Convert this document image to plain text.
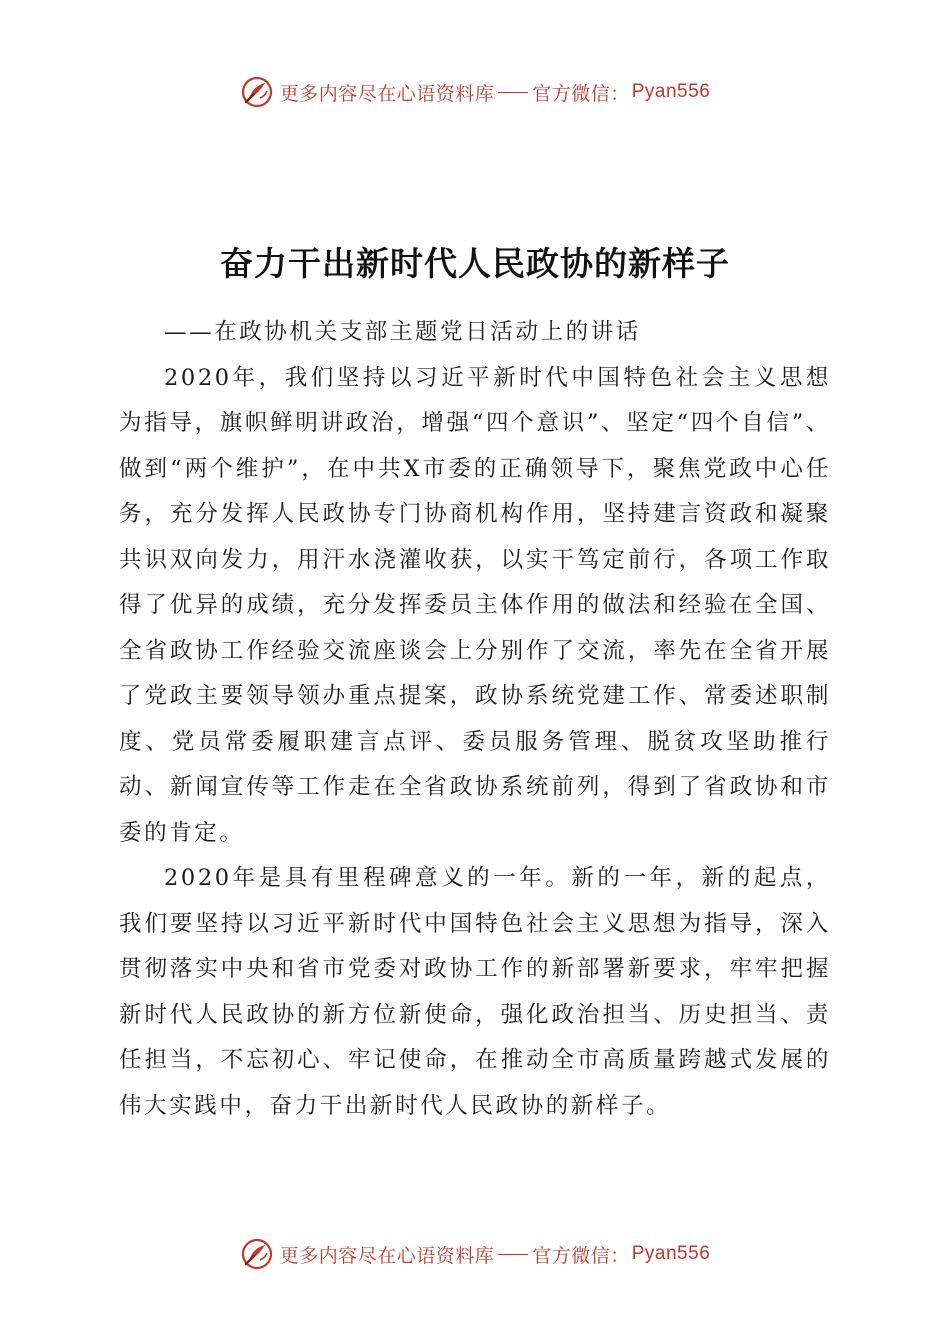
更多内容尽在心语资料库 官方微信： Pyan556
奋力干出新时代人民政协的新样子

——在政协机关支部主题党日活动上的讲话

2020年，我们坚持以习近平新时代中国特色社会主义思想为指导，旗帜鲜明讲政治，增强“四个意识”、坚定“四个自信”、做到“两个维护”，在中共X市委的正确领导下，聚焦党政中心任务，充分发挥人民政协专门协商机构作用，坚持建言资政和凝聚共识双向发力，用汗水浇灌收获，以实干笃定前行，各项工作取得了优异的成绩，充分发挥委员主体作用的做法和经验在全国、全省政协工作经验交流座谈会上分别作了交流，率先在全省开展了党政主要领导领办重点提案，政协系统党建工作、常委述职制度、党员常委履职建言点评、委员服务管理、脱贫攻坚助推行动、新闻宣传等工作走在全省政协系统前列，得到了省政协和市委的肯定。

2020年是具有里程碑意义的一年。新的一年，新的起点，我们要坚持以习近平新时代中国特色社会主义思想为指导，深入贯彻落实中央和省市党委对政协工作的新部署新要求，牢牢把握新时代人民政协的新方位新使命，强化政治担当、历史担当、责任担当，不忘初心、牢记使命，在推动全市高质量跨越式发展的伟大实践中，奋力干出新时代人民政协的新样子。

更多内容尽在心语资料库 官方微信： Pyan556
